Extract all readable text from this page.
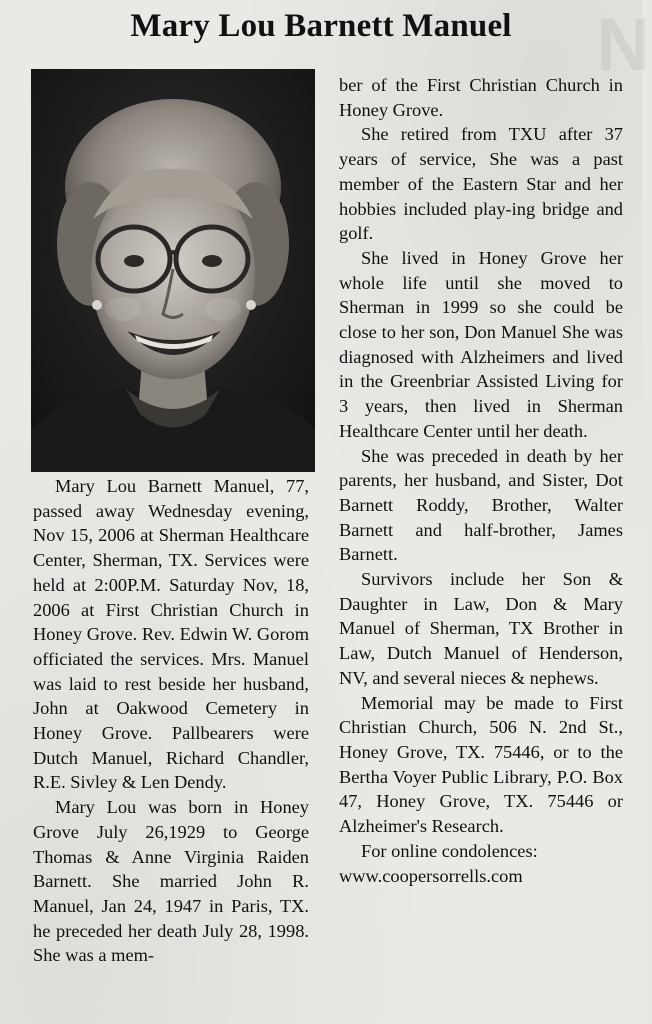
N
Mary Lou Barnett Manuel

Mary Lou Barnett Manuel, 77, passed away Wednesday evening, Nov 15, 2006 at Sherman Healthcare Center, Sherman, TX. Services were held at 2:00P.M. Saturday Nov, 18, 2006 at First Christian Church in Honey Grove. Rev. Edwin W. Gorom officiated the services. Mrs. Manuel was laid to rest beside her husband, John at Oakwood Cemetery in Honey Grove. Pallbearers were Dutch Manuel, Richard Chandler, R.E. Sivley & Len Dendy.

Mary Lou was born in Honey Grove July 26,1929 to George Thomas & Anne Virginia Raiden Barnett. She married John R. Manuel, Jan 24, 1947 in Paris, TX. he preceded her death July 28, 1998. She was a mem-

ber of the First Christian Church in Honey Grove.

She retired from TXU after 37 years of service, She was a past member of the Eastern Star and her hobbies included play-ing bridge and golf.

She lived in Honey Grove her whole life until she moved to Sherman in 1999 so she could be close to her son, Don Manuel She was diagnosed with Alzheimers and lived in the Greenbriar Assisted Living for 3 years, then lived in Sherman Healthcare Center until her death.

She was preceded in death by her parents, her husband, and Sister, Dot Barnett Roddy, Brother, Walter Barnett and half-brother, James Barnett.

Survivors include her Son & Daughter in Law, Don & Mary Manuel of Sherman, TX Brother in Law, Dutch Manuel of Henderson, NV, and several nieces & nephews.

Memorial may be made to First Christian Church, 506 N. 2nd St., Honey Grove, TX. 75446, or to the Bertha Voyer Public Library, P.O. Box 47, Honey Grove, TX. 75446 or Alzheimer's Research.

For online condolences:

www.coopersorrells.com
